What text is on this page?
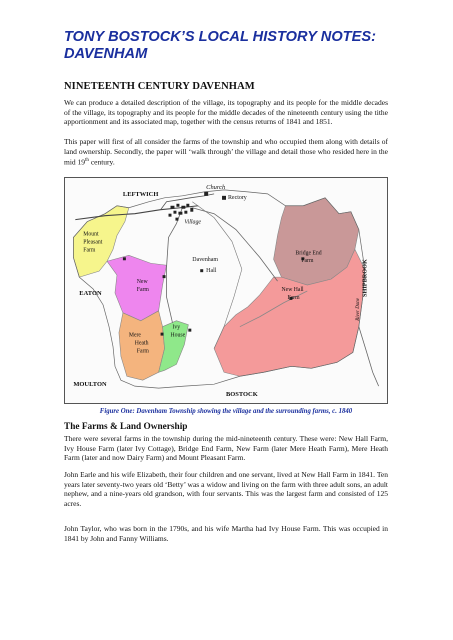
TONY BOSTOCK’S LOCAL HISTORY NOTES:
DAVENHAM
NINETEENTH CENTURY DAVENHAM

We can produce a detailed description of the village, its topography and its people for the middle decades of the village, its topography and its people for the middle decades of the nineteenth century using the tithe apportionment and its associated map, together with the census returns of 1841 and 1851.

This paper will first of all consider the farms of the township and who occupied them along with details of land ownership. Secondly, the paper will ‘walk through’ the village and detail those who resided here in the mid 19th century.

LEFTWICH
Church
Rectory
Village
Mount
Pleasant
Farm
Davenham
Hall
Bridge End
Farm
EATON
New
Farm	New Hall
Farm
SHIPBROOK
River Dane
Mere
Heath
Farm
Ivy
House
MOULTON
BOSTOCK

Figure One: Davenham Township showing the village and the surrounding farms, c. 1840

The Farms & Land Ownership

There were several farms in the township during the mid-nineteenth century. These were: New Hall Farm, Ivy House Farm (later Ivy Cottage), Bridge End Farm, New Farm (later Mere Heath Farm), Mere Heath Farm (later and now Dairy Farm) and Mount Pleasant Farm.

John Earle and his wife Elizabeth, their four children and one servant, lived at New Hall Farm in 1841. Ten years later seventy-two years old ‘Betty’ was a widow and living on the farm with three adult sons, an adult nephew, and a nine-years old grandson, with four servants. This was the largest farm and consisted of 125 acres.

John Taylor, who was born in the 1790s, and his wife Martha had Ivy House Farm. This was occupied in 1841 by John and Fanny Williams.
